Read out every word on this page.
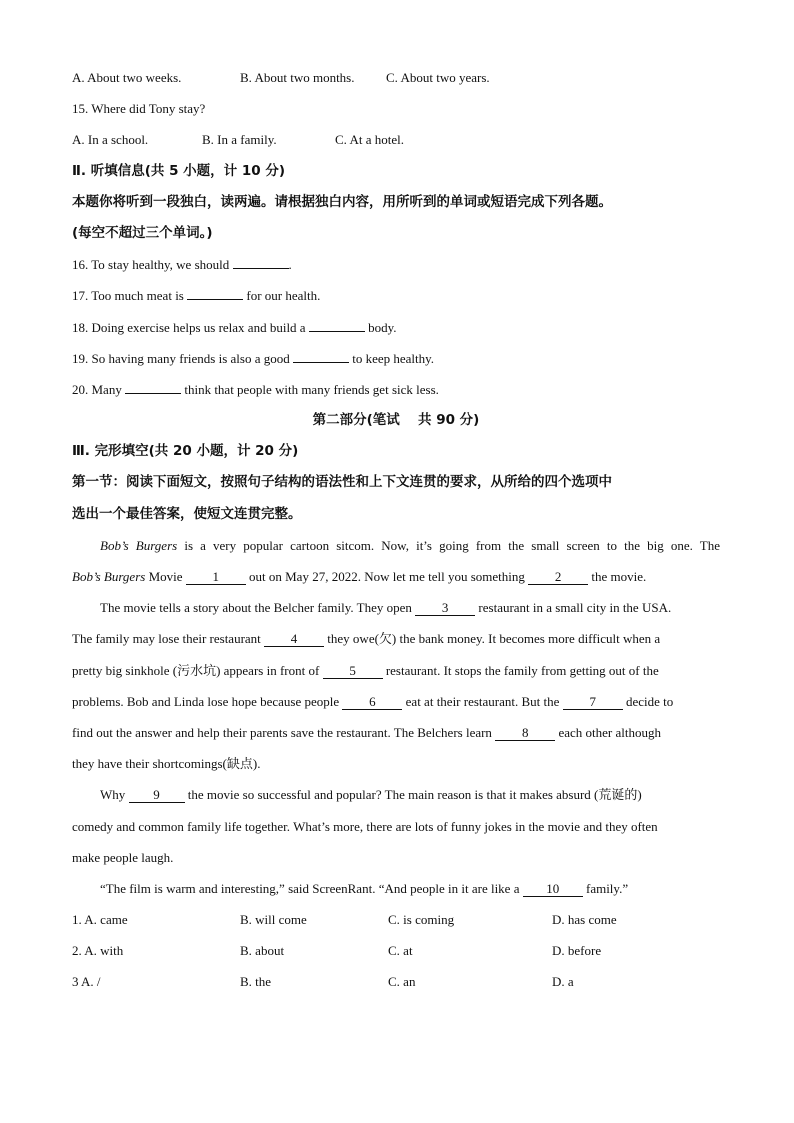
A. About two weeks.	B. About two months.	C. About two years.
15. Where did Tony stay?
A. In a school.	B. In a family.	C. At a hotel.
Ⅱ. 听填信息(共 5 小题，计 10 分)
本题你将听到一段独白，读两遍。请根据独白内容，用所听到的单词或短语完成下列各题。
(每空不超过三个单词。)
16. To stay healthy, we should	.
17. Too much meat is	for our health.
18. Doing exercise helps us relax and build a	body.
19. So having many friends is also a good	to keep healthy.
20. Many	think that people with many friends get sick less.
第二部分(笔试　 共 90 分)
Ⅲ. 完形填空(共 20 小题，计 20 分)
第一节：阅读下面短文，按照句子结构的语法性和上下文连贯的要求，从所给的四个选项中
选出一个最佳答案，使短文连贯完整。
Bob’s Burgers is a very popular cartoon sitcom. Now, it’s going from the small screen to the big one. The
Bob’s Burgers Movie 1 out on May 27, 2022. Now let me tell you something 2 the movie.
The movie tells a story about the Belcher family. They open 3 restaurant in a small city in the USA.
The family may lose their restaurant 4 they owe(欠) the bank money. It becomes more difficult when a
pretty big sinkhole (污水坑) appears in front of 5 restaurant. It stops the family from getting out of the
problems. Bob and Linda lose hope because people 6 eat at their restaurant. But the 7 decide to
find out the answer and help their parents save the restaurant. The Belchers learn 8 each other although
they have their shortcomings(缺点).
Why 9 the movie so successful and popular? The main reason is that it makes absurd (荒诞的)
comedy and common family life together. What’s more, there are lots of funny jokes in the movie and they often
make people laugh.
“The film is warm and interesting,” said ScreenRant. “And people in it are like a 10 family.”
1. A. came	B. will come	C. is coming	D. has come
2. A. with	B. about	C. at	D. before
3 A. /	B. the	C. an	D. a
